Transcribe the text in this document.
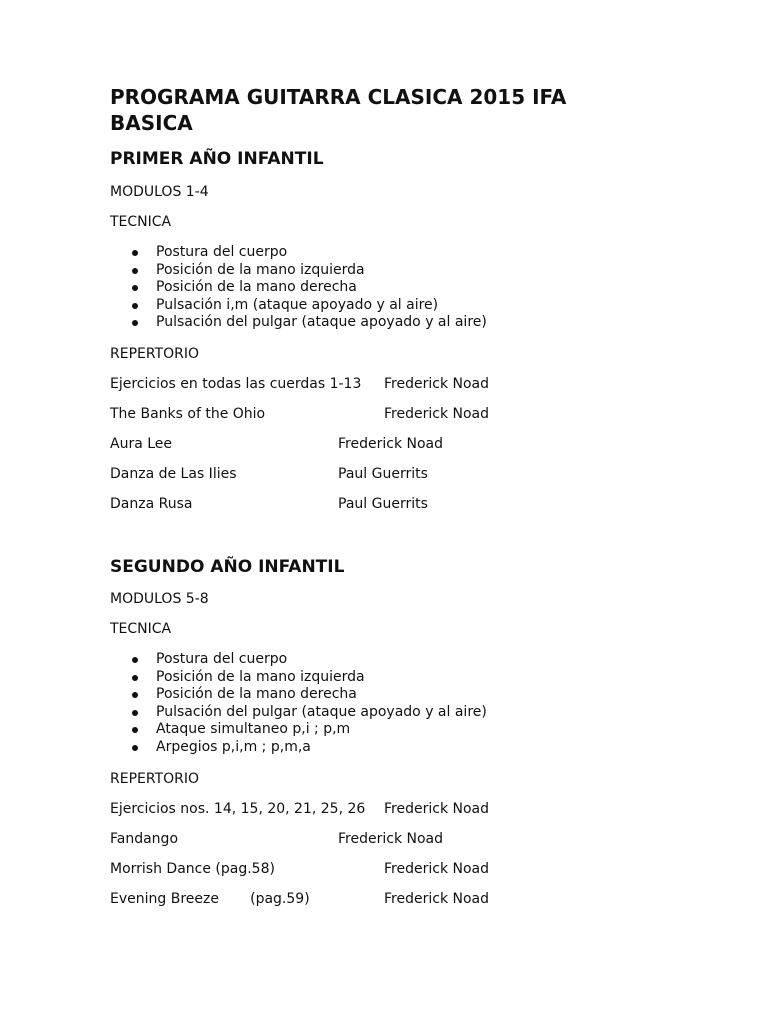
PROGRAMA GUITARRA CLASICA 2015 IFA BASICA
PRIMER AÑO INFANTIL

MODULOS 1-4

TECNICA

Postura del cuerpo
Posición de la mano izquierda
Posición de la mano derecha
Pulsación i,m (ataque apoyado y al aire)
Pulsación del pulgar (ataque apoyado y al aire)

REPERTORIO

Ejercicios en todas las cuerdas 1-13 Frederick Noad
The Banks of the Ohio	Frederick Noad
Aura Lee	Frederick Noad
Danza de Las Ilies	Paul Guerrits
Danza Rusa	Paul Guerrits
SEGUNDO AÑO INFANTIL

MODULOS 5-8

TECNICA

Postura del cuerpo
Posición de la mano izquierda
Posición de la mano derecha
Pulsación del pulgar (ataque apoyado y al aire)
Ataque simultaneo p,i ; p,m
Arpegios p,i,m ; p,m,a

REPERTORIO

Ejercicios nos. 14, 15, 20, 21, 25, 26 Frederick Noad
Fandango	Frederick Noad
Morrish Dance (pag.58)	Frederick Noad
Evening Breeze       (pag.59)	Frederick Noad
